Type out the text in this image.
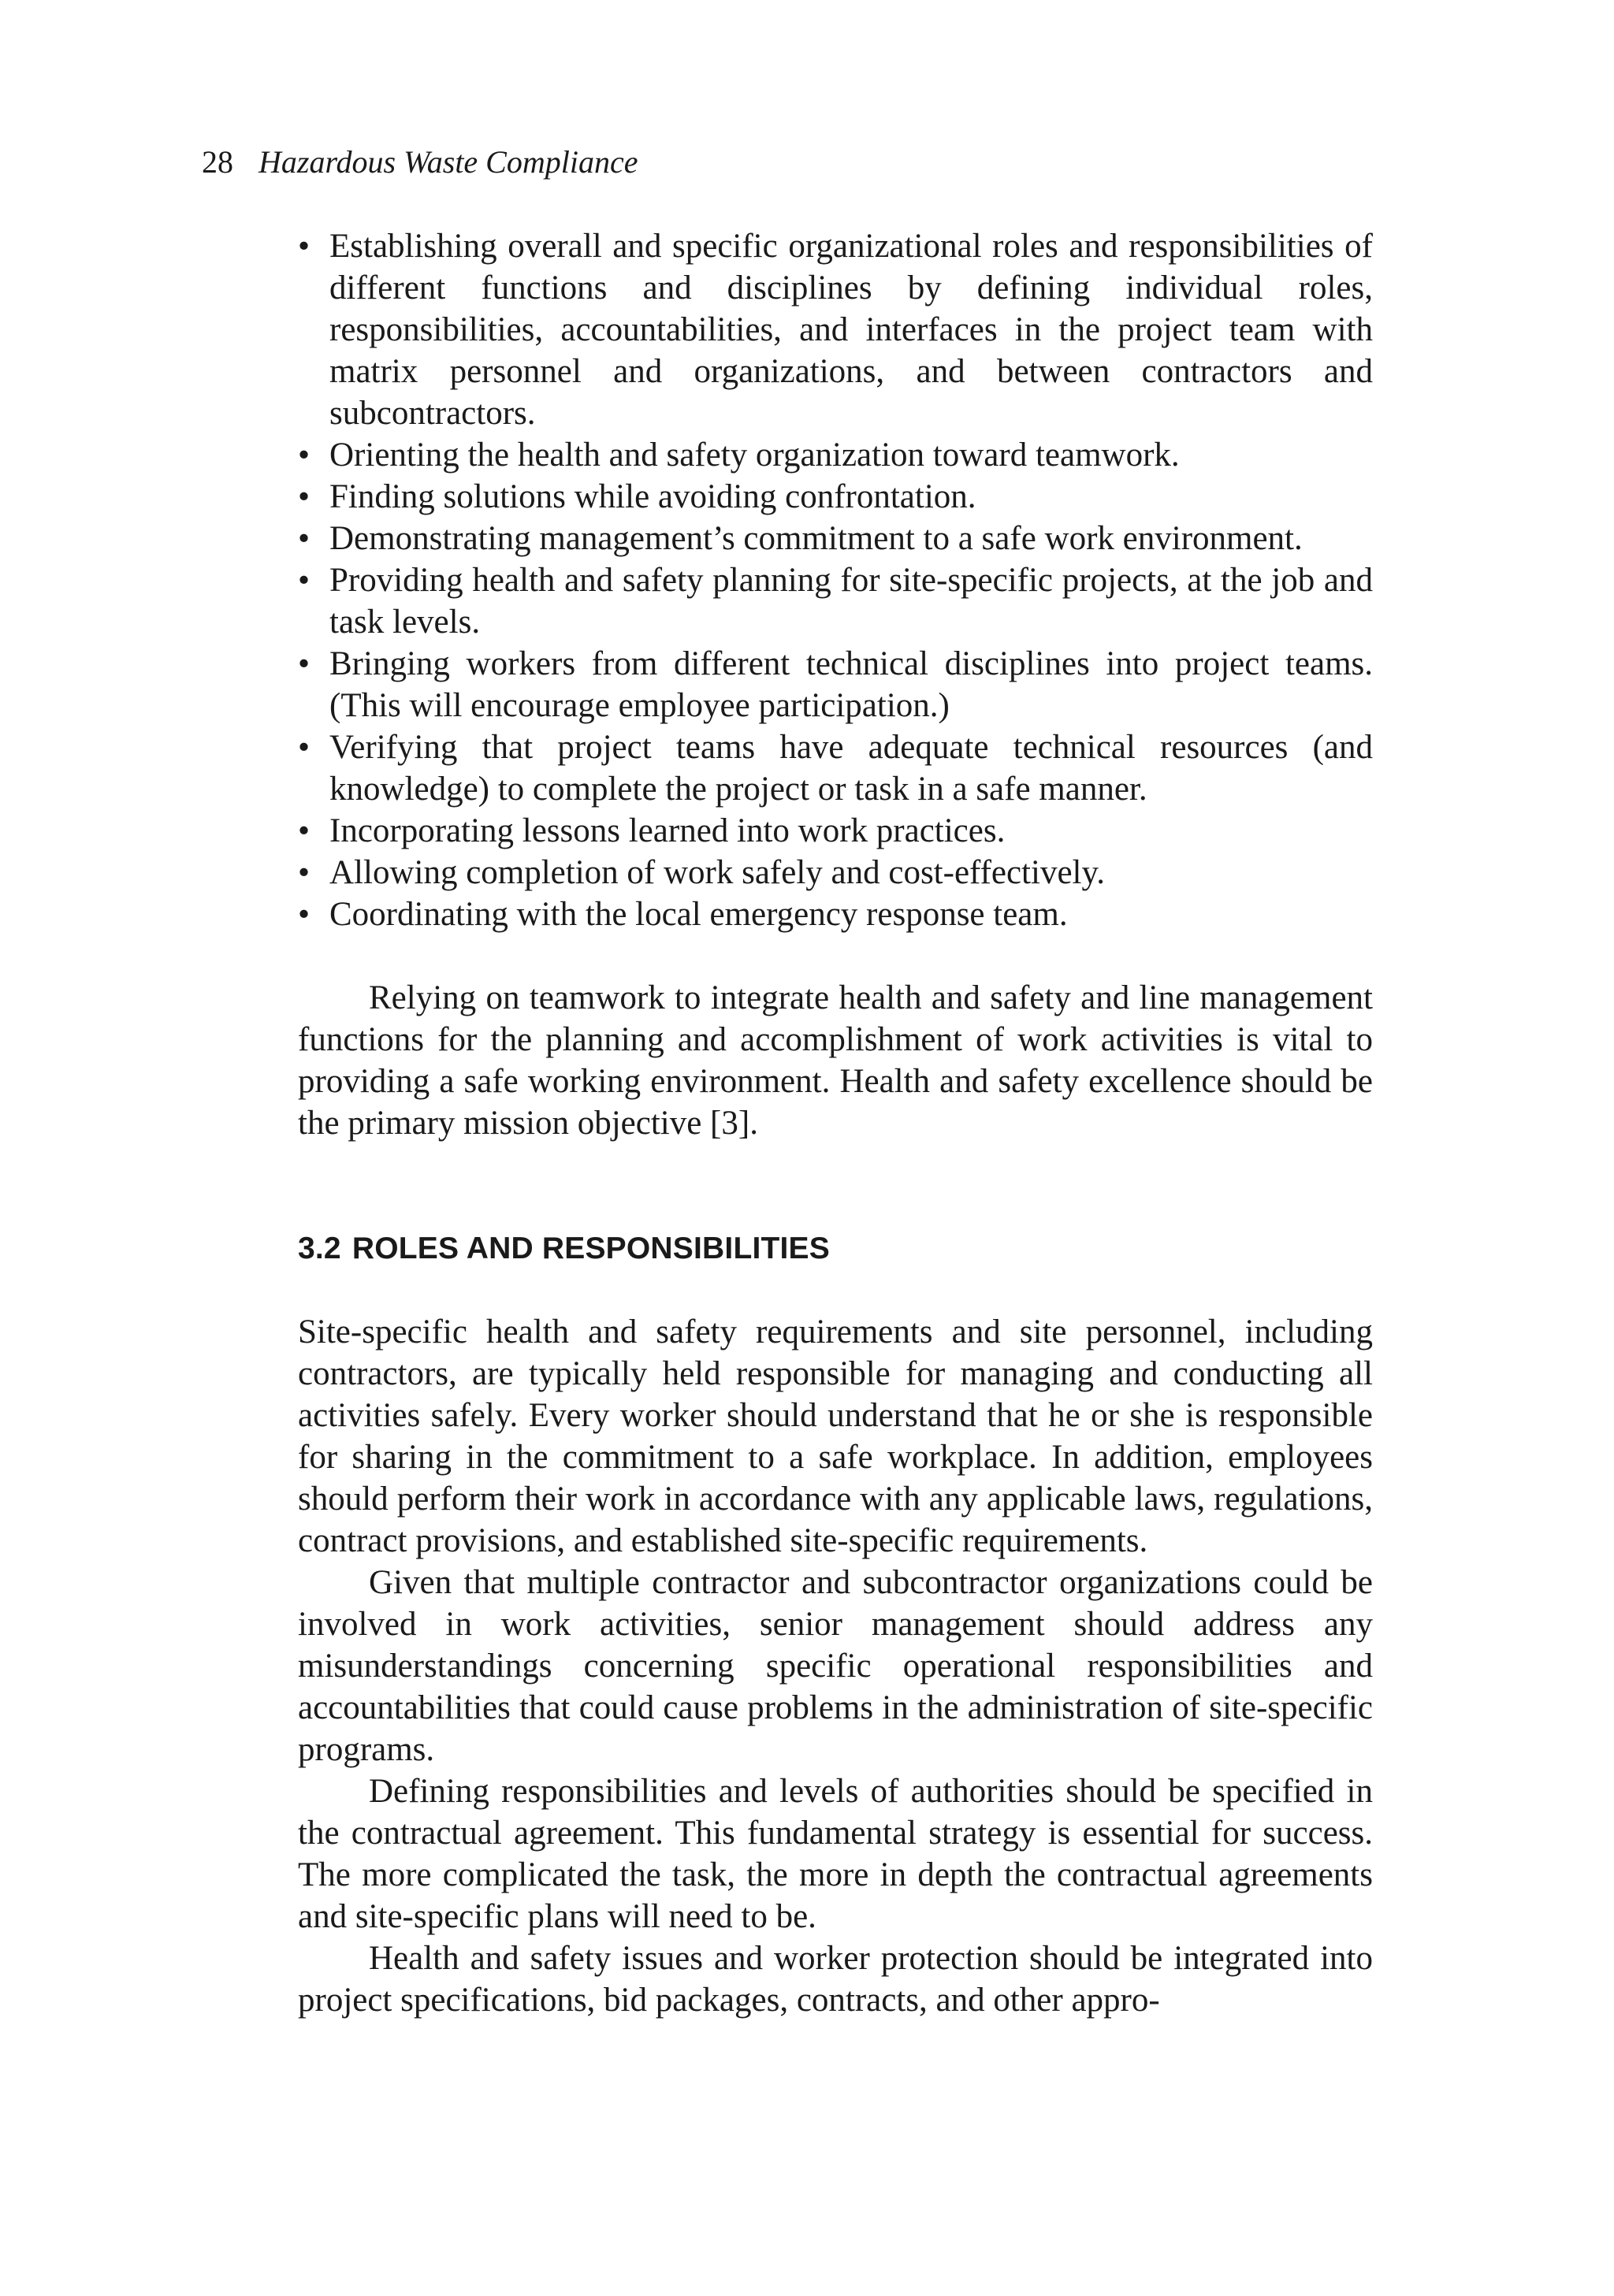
28 Hazardous Waste Compliance
• Establishing overall and specific organizational roles and responsibilities of different functions and disciplines by defining individual roles, responsibilities, accountabilities, and interfaces in the project team with matrix personnel and organizations, and between contractors and subcontractors.
• Orienting the health and safety organization toward teamwork.
• Finding solutions while avoiding confrontation.
• Demonstrating management’s commitment to a safe work environment.
• Providing health and safety planning for site-specific projects, at the job and task levels.
• Bringing workers from different technical disciplines into project teams. (This will encourage employee participation.)
• Verifying that project teams have adequate technical resources (and knowledge) to complete the project or task in a safe manner.
• Incorporating lessons learned into work practices.
• Allowing completion of work safely and cost-effectively.
• Coordinating with the local emergency response team.

Relying on teamwork to integrate health and safety and line management functions for the planning and accomplishment of work activities is vital to providing a safe working environment. Health and safety excellence should be the primary mission objective [3].

3.2 ROLES AND RESPONSIBILITIES

Site-specific health and safety requirements and site personnel, including contractors, are typically held responsible for managing and conducting all activities safely. Every worker should understand that he or she is responsible for sharing in the commitment to a safe workplace. In addition, employees should perform their work in accordance with any applicable laws, regulations, contract provisions, and established site-specific requirements.

Given that multiple contractor and subcontractor organizations could be involved in work activities, senior management should address any misunderstandings concerning specific operational responsibilities and accountabilities that could cause problems in the administration of site-specific programs.

Defining responsibilities and levels of authorities should be specified in the contractual agreement. This fundamental strategy is essential for success. The more complicated the task, the more in depth the contractual agreements and site-specific plans will need to be.

Health and safety issues and worker protection should be integrated into project specifications, bid packages, contracts, and other appro-
